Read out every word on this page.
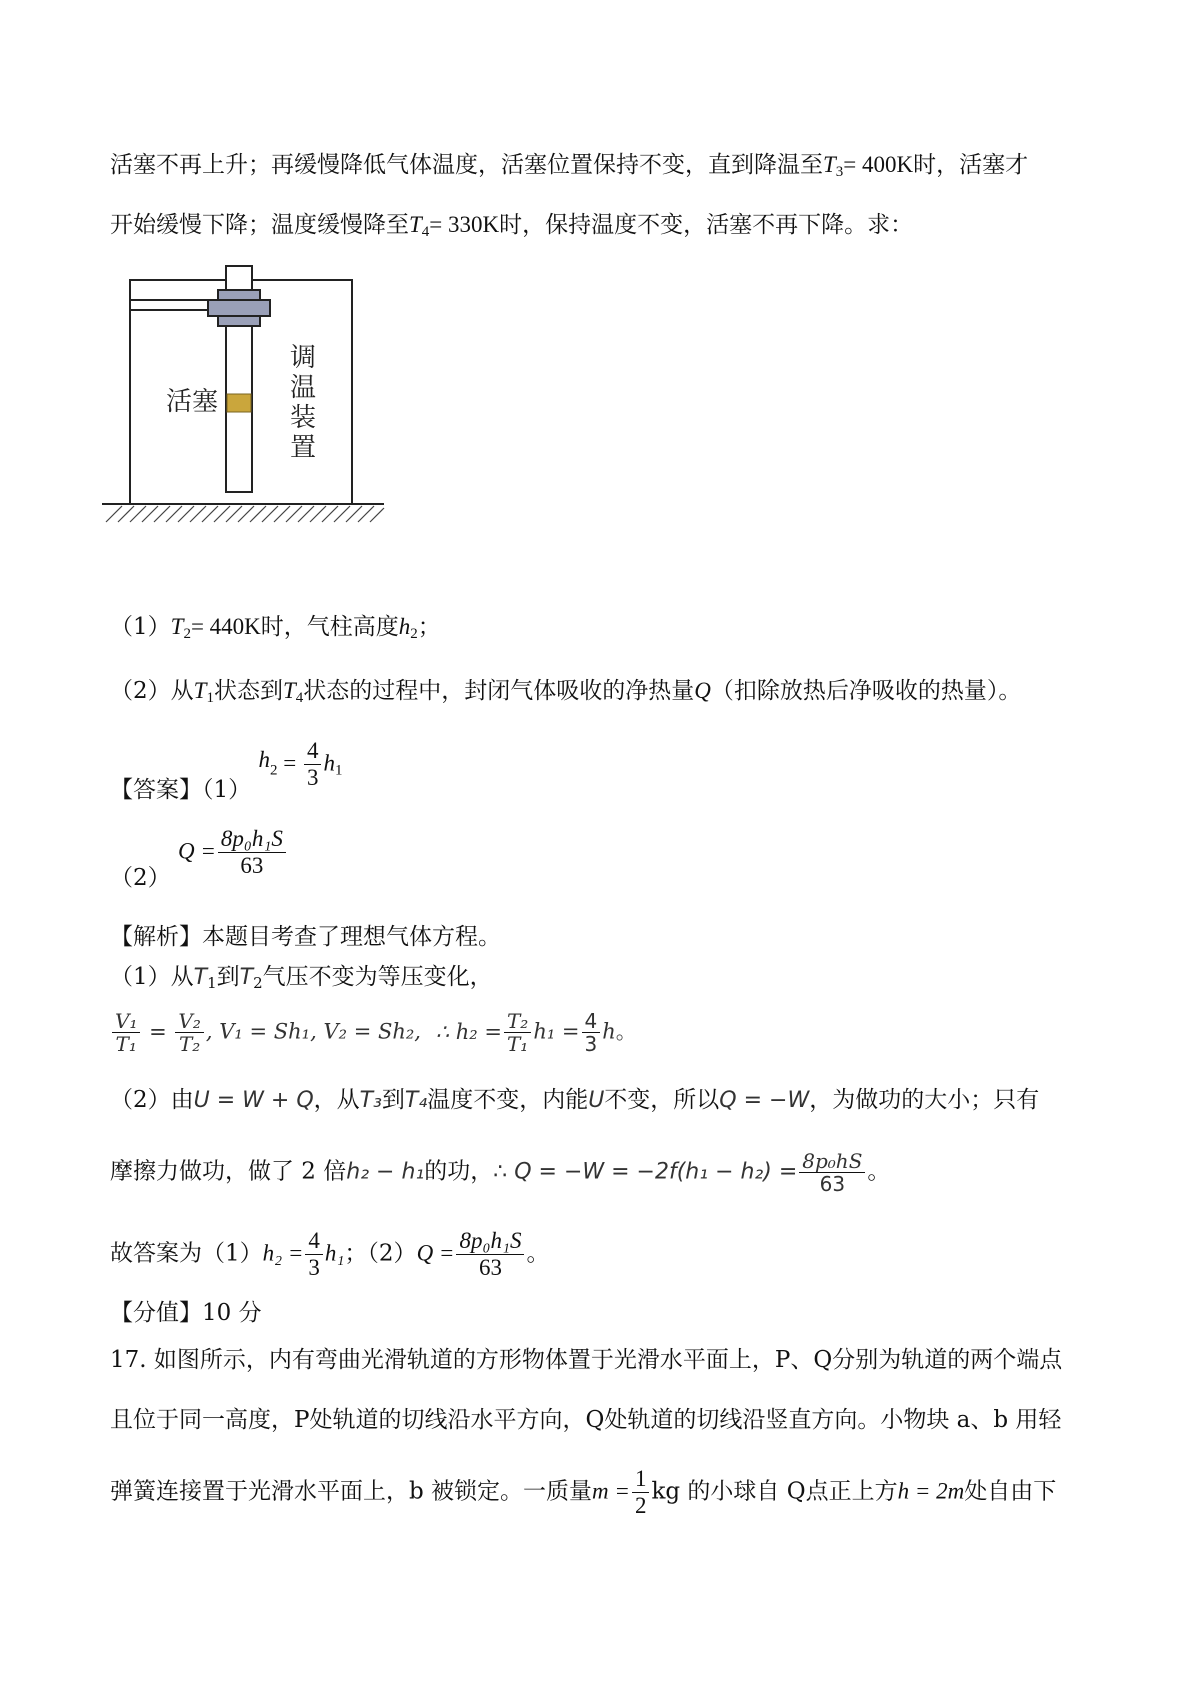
活塞不再上升；再缓慢降低气体温度，活塞位置保持不变，直到降温至$T_3= 400K$时，活塞才
开始缓慢下降；温度缓慢降至$T_4= 330K$时，保持温度不变，活塞不再下降。求：
活塞
调
温
装
置
$(1)T_2= 440K$时，气柱高度$h_2$；
（2）从$T_1$状态到$T_4$状态的过程中，封闭气体吸收的净热量Q（扣除放热后净吸收的热量）。
【答案】（1） $h_2 = \frac{4}{3} h_1$
（2） $Q = \frac{\text{8p₀h₁S}}{63}$
【解析】本题目考查了理想气体方程。
（1）从$T_1$到$T_2$气压不变为等压变化，
$\frac{\text{V₁}}{\text{T₁}} = \frac{\text{V₂}}{\text{T₂}}$ , V₁ = Sh₁, V₂ = Sh₂, ∴ $h_2 = \frac{\text{T₂}}{\text{T₁}} h_1 = \frac{4}{3}$ h。
（2）由U = W + Q，从T₃到T₄温度不变，内能U不变，所以Q = −W，为做功的大小；只有
摩擦力做功，做了 2 倍h₂ − h₁的功，∴ $Q = -W = -2f(h_1 - h_2) = \frac{\text{8p₀hS}}{63}$ 。
故答案为$(1)h_2 = \frac{4}{3} h_1$；$(2)Q = \frac{\text{8p₀h₁S}}{63}$ 。
【分值】10 分
17. 如图所示，内有弯曲光滑轨道的方形物体置于光滑水平面上，P、Q分别为轨道的两个端点
且位于同一高度，P处轨道的切线沿水平方向，Q处轨道的切线沿竖直方向。小物块 a、b 用轻
弹簧连接置于光滑水平面上，b 被锁定。一质量$m = \frac{1}{2}$ kg 的小球自 Q点正上方h = 2m处自由下
